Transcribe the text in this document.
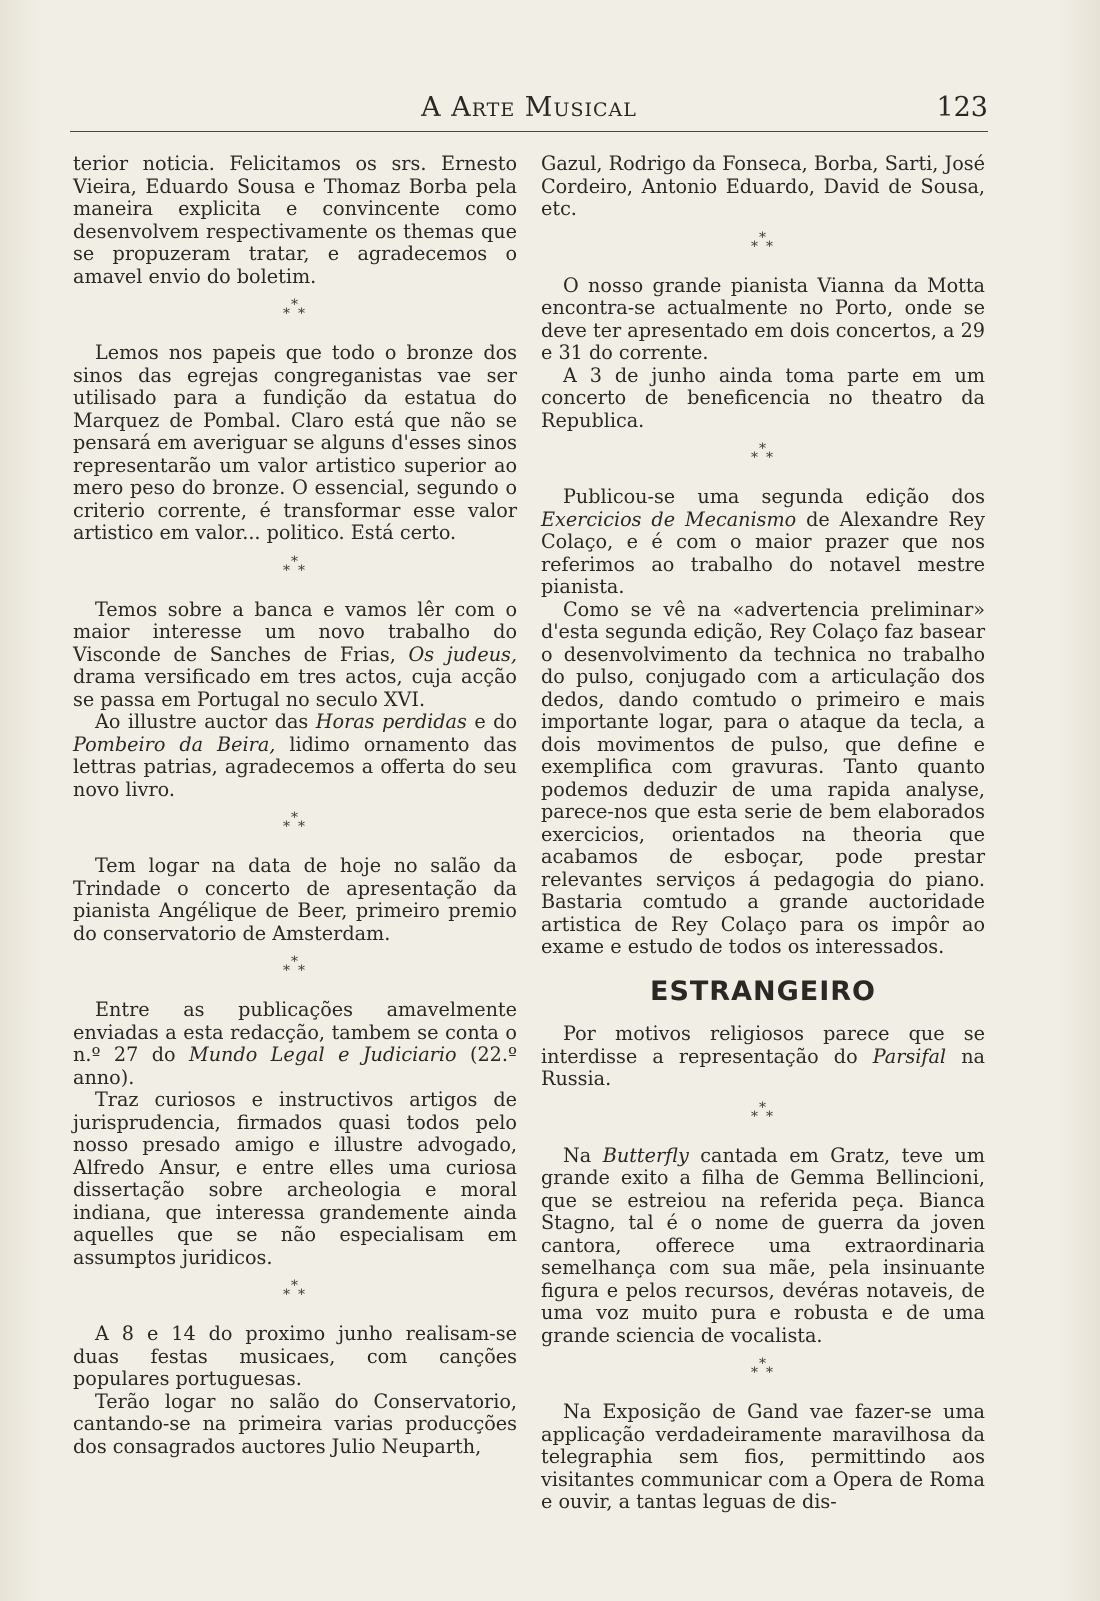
A Arte Musical	123

terior noticia. Felicitamos os srs. Ernesto Vieira, Eduardo Sousa e Thomaz Borba pela maneira explicita e convincente como desenvolvem respectivamente os themas que se propuzeram tratar, e agradecemos o amavel envio do boletim.

*
* *

Lemos nos papeis que todo o bronze dos sinos das egrejas congreganistas vae ser utilisado para a fundição da estatua do Marquez de Pombal. Claro está que não se pensará em averiguar se alguns d'esses sinos representarão um valor artistico superior ao mero peso do bronze. O essencial, segundo o criterio corrente, é transformar esse valor artistico em valor... politico. Está certo.

*
* *

Temos sobre a banca e vamos lêr com o maior interesse um novo trabalho do Visconde de Sanches de Frias, Os judeus, drama versificado em tres actos, cuja acção se passa em Portugal no seculo XVI.

Ao illustre auctor das Horas perdidas e do Pombeiro da Beira, lidimo ornamento das lettras patrias, agradecemos a offerta do seu novo livro.

*
* *

Tem logar na data de hoje no salão da Trindade o concerto de apresentação da pianista Angélique de Beer, primeiro premio do conservatorio de Amsterdam.

*
* *

Entre as publicações amavelmente enviadas a esta redacção, tambem se conta o n.º 27 do Mundo Legal e Judiciario (22.º anno).

Traz curiosos e instructivos artigos de jurisprudencia, firmados quasi todos pelo nosso presado amigo e illustre advogado, Alfredo Ansur, e entre elles uma curiosa dissertação sobre archeologia e moral indiana, que interessa grandemente ainda aquelles que se não especialisam em assumptos juridicos.

*
* *

A 8 e 14 do proximo junho realisam-se duas festas musicaes, com canções populares portuguesas.

Terão logar no salão do Conservatorio, cantando-se na primeira varias producções dos consagrados auctores Julio Neuparth,

Gazul, Rodrigo da Fonseca, Borba, Sarti, José Cordeiro, Antonio Eduardo, David de Sousa, etc.

*
* *

O nosso grande pianista Vianna da Motta encontra-se actualmente no Porto, onde se deve ter apresentado em dois concertos, a 29 e 31 do corrente.

A 3 de junho ainda toma parte em um concerto de beneficencia no theatro da Republica.

*
* *

Publicou-se uma segunda edição dos Exercicios de Mecanismo de Alexandre Rey Colaço, e é com o maior prazer que nos referimos ao trabalho do notavel mestre pianista.

Como se vê na «advertencia preliminar» d'esta segunda edição, Rey Colaço faz basear o desenvolvimento da technica no trabalho do pulso, conjugado com a articulação dos dedos, dando comtudo o primeiro e mais importante logar, para o ataque da tecla, a dois movimentos de pulso, que define e exemplifica com gravuras. Tanto quanto podemos deduzir de uma rapida analyse, parece-nos que esta serie de bem elaborados exercicios, orientados na theoria que acabamos de esboçar, pode prestar relevantes serviços á pedagogia do piano. Bastaria comtudo a grande auctoridade artistica de Rey Colaço para os impôr ao exame e estudo de todos os interessados.

ESTRANGEIRO

Por motivos religiosos parece que se interdisse a representação do Parsifal na Russia.

*
* *

Na Butterfly cantada em Gratz, teve um grande exito a filha de Gemma Bellincioni, que se estreiou na referida peça. Bianca Stagno, tal é o nome de guerra da joven cantora, offerece uma extraordinaria semelhança com sua mãe, pela insinuante figura e pelos recursos, devéras notaveis, de uma voz muito pura e robusta e de uma grande sciencia de vocalista.

*
* *

Na Exposição de Gand vae fazer-se uma applicação verdadeiramente maravilhosa da telegraphia sem fios, permittindo aos visitantes communicar com a Opera de Roma e ouvir, a tantas leguas de dis-
